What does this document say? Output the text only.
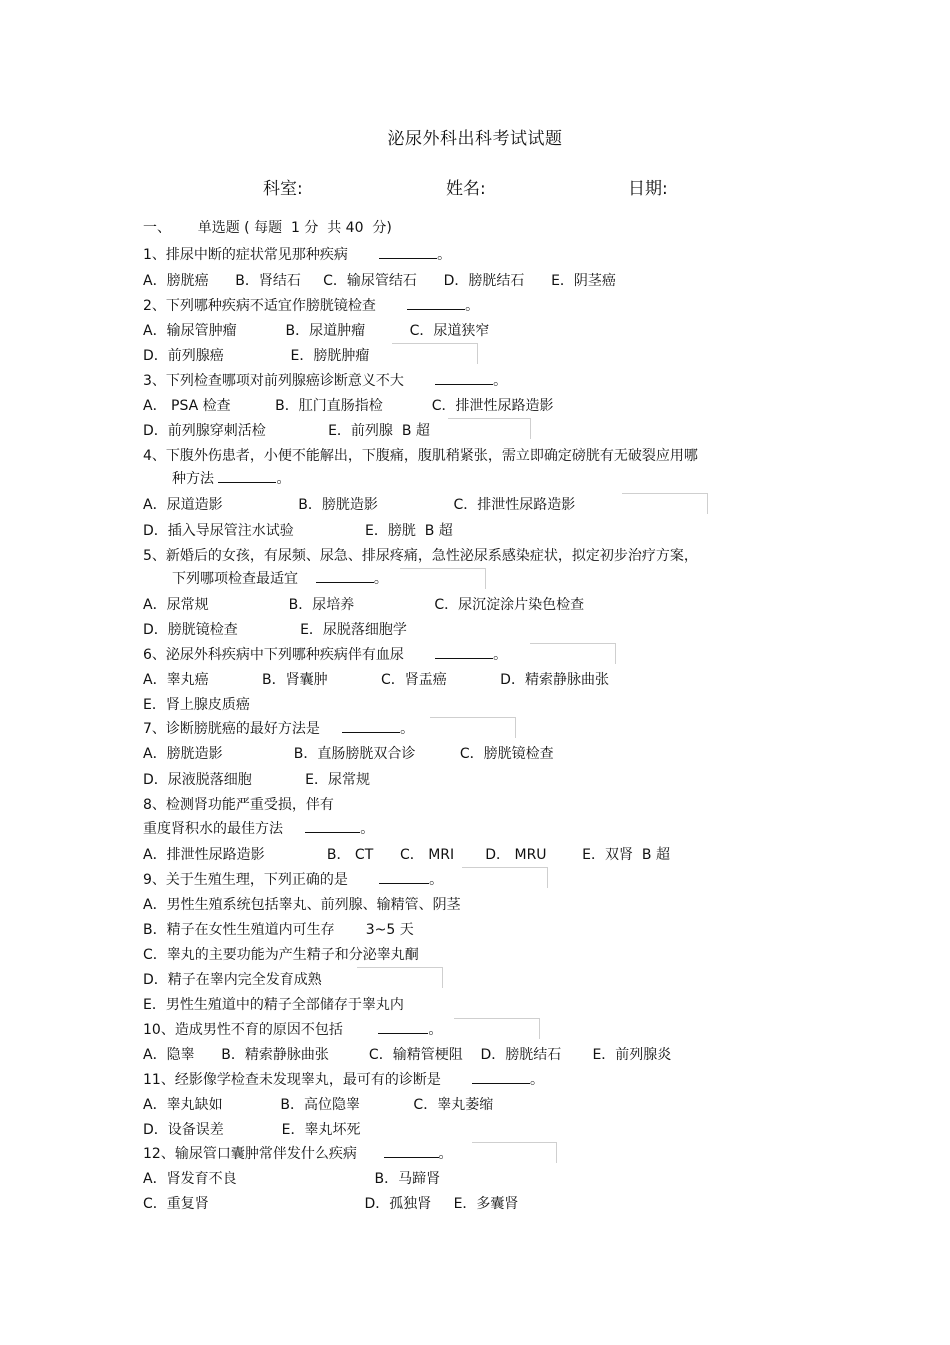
泌尿外科出科考试试题
科室:	姓名:	日期:
一、      单选题 ( 每题  1 分  共 40  分)
1、排尿中断的症状常见那种疾病	。
A．膀胱癌      B．肾结石     C．输尿管结石      D．膀胱结石      E．阴茎癌
2、下列哪种疾病不适宜作膀胱镜检查	。
A．输尿管肿瘤           B．尿道肿瘤          C．尿道狭窄
D．前列腺癌               E．膀胱肿瘤
3、下列检查哪项对前列腺癌诊断意义不大	。
A． PSA 检查          B．肛门直肠指检           C．排泄性尿路造影
D．前列腺穿刺活检              E．前列腺  B 超
4、下腹外伤患者，小便不能解出，下腹痛，腹肌稍紧张，需立即确定磅胱有无破裂应用哪
种方法	。
A．尿道造影                 B．膀胱造影                 C．排泄性尿路造影
D．插入导尿管注水试验                E．膀胱  B 超
5、新婚后的女孩，有尿频、尿急、排尿疼痛，急性泌尿系感染症状，拟定初步治疗方案，
下列哪项检查最适宜	。
A．尿常规                  B．尿培养                  C．尿沉淀涂片染色检查
D．膀胱镜检查              E．尿脱落细胞学
6、泌尿外科疾病中下列哪种疾病伴有血尿	。
A．睾丸癌            B．肾囊肿            C．肾盂癌            D．精索静脉曲张
E．肾上腺皮质癌
7、诊断膀胱癌的最好方法是	。
A．膀胱造影                B．直肠膀胱双合诊          C．膀胱镜检查
D．尿液脱落细胞            E．尿常规
8、检测肾功能严重受损，伴有
重度肾积水的最佳方法	。
A．排泄性尿路造影              B． CT      C． MRI       D． MRU        E．双肾  B 超
9、关于生殖生理，下列正确的是	。
A．男性生殖系统包括睾丸、前列腺、输精管、阴茎
B．精子在女性生殖道内可生存       3~5 天
C．睾丸的主要功能为产生精子和分泌睾丸酮
D．精子在睾内完全发育成熟
E．男性生殖道中的精子全部储存于睾丸内
10、造成男性不育的原因不包括	。
A．隐睾      B．精索静脉曲张         C．输精管梗阻    D．膀胱结石       E．前列腺炎
11、经影像学检查未发现睾丸，最可有的诊断是	。
A．睾丸缺如             B．高位隐睾            C．睾丸萎缩
D．设备误差             E．睾丸坏死
12、输尿管口囊肿常伴发什么疾病	。
A．肾发育不良                               B．马蹄肾
C．重复肾                                   D．孤独肾     E．多囊肾
